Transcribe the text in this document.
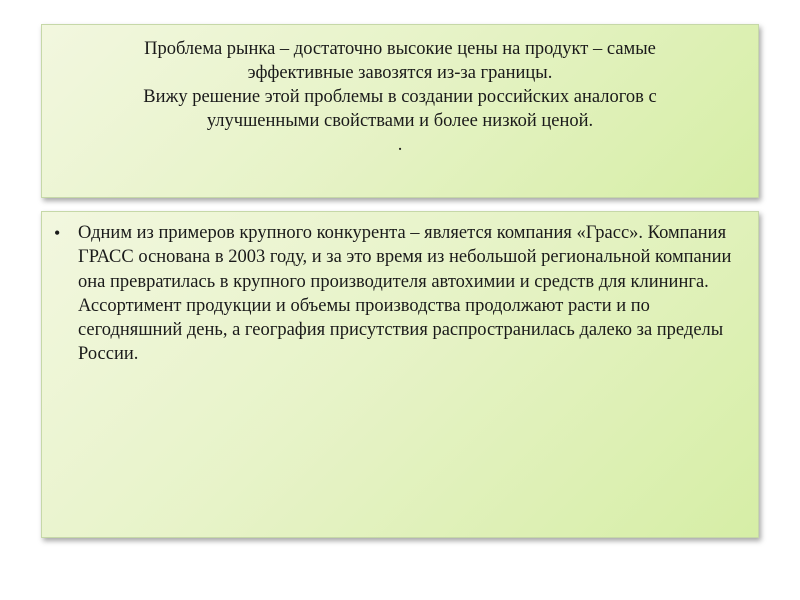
Проблема рынка – достаточно высокие цены на продукт – самые
эффективные завозятся из-за границы.
Вижу решение этой проблемы в создании российских аналогов с
улучшенными свойствами и более низкой ценой.
.
• Одним из примеров крупного конкурента – является компания «Грасс». Компания ГРАСС основана в 2003 году, и за это время из небольшой региональной компании она превратилась в крупного производителя автохимии и средств для клининга. Ассортимент продукции и объемы производства продолжают расти и по сегодняшний день, а география присутствия распространилась далеко за пределы России.
